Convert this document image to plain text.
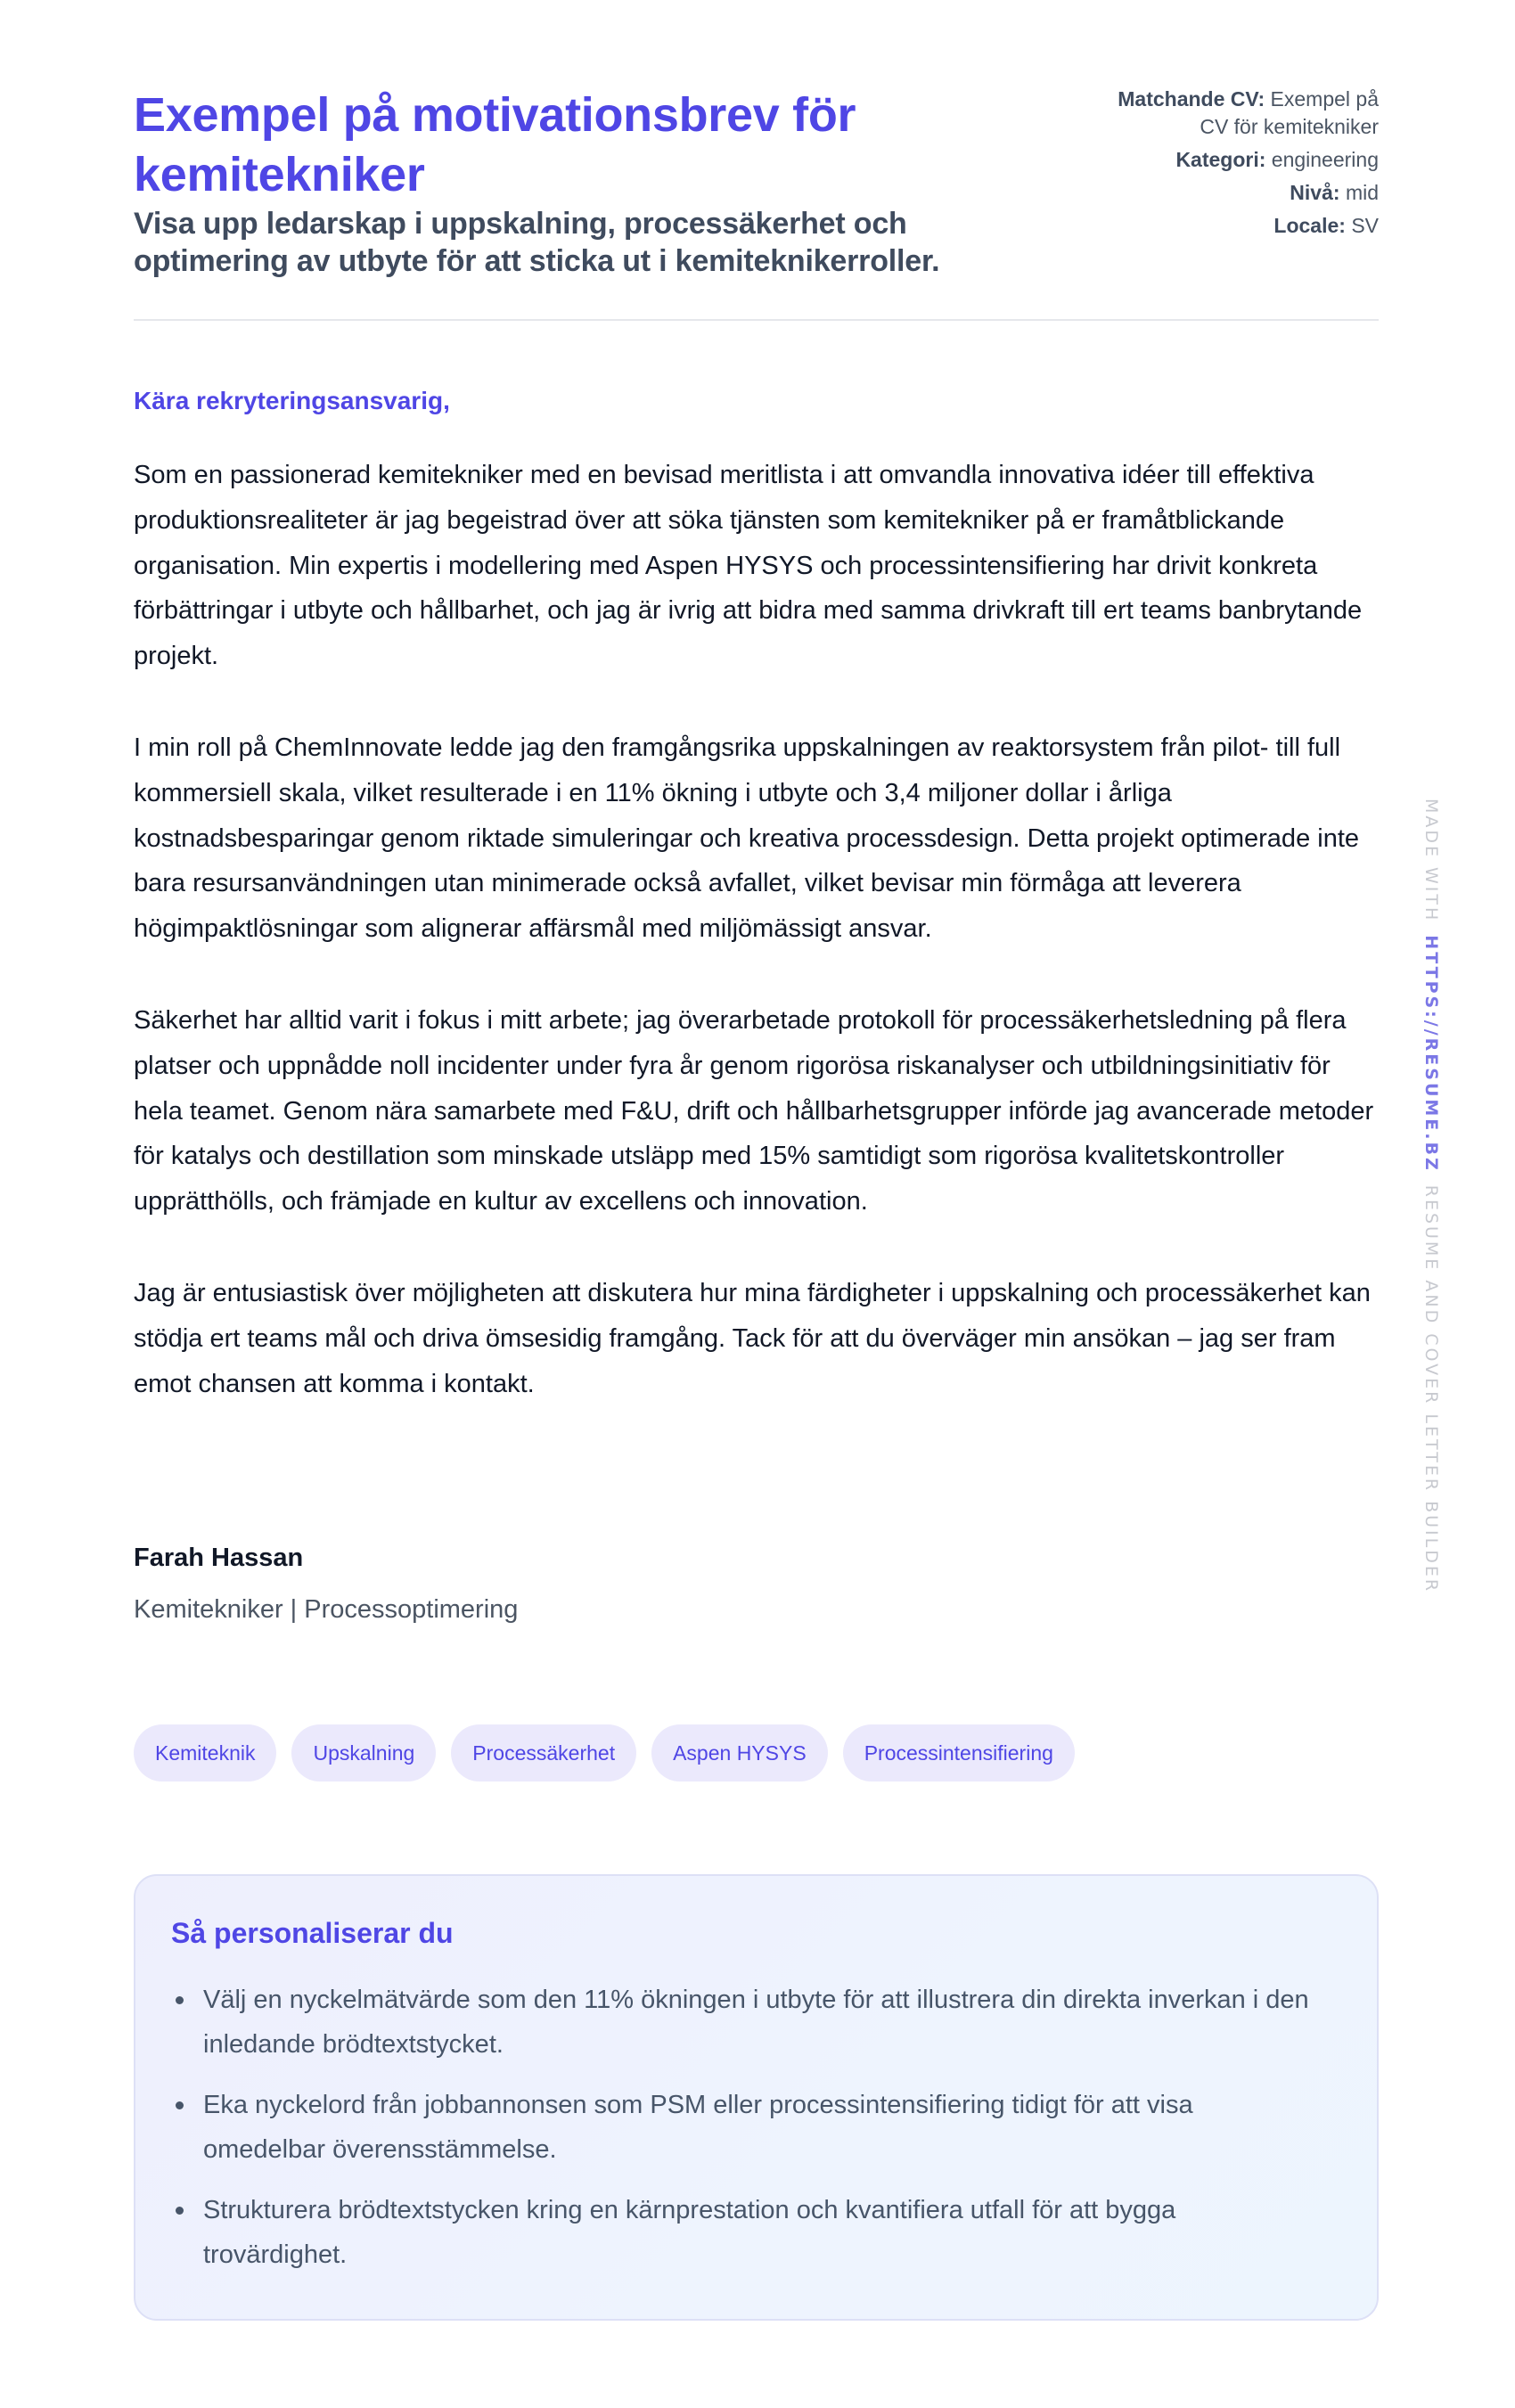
Exempel på motivationsbrev för kemitekniker
Visa upp ledarskap i uppskalning, processäkerhet och optimering av utbyte för att sticka ut i kemiteknikerroller.
Matchande CV: Exempel på CV för kemitekniker
Kategori: engineering
Nivå: mid
Locale: SV
Kära rekryteringsansvarig,

Som en passionerad kemitekniker med en bevisad meritlista i att omvandla innovativa idéer till effektiva produktionsrealiteter är jag begeistrad över att söka tjänsten som kemitekniker på er framåtblickande organisation. Min expertis i modellering med Aspen HYSYS och processintensifiering har drivit konkreta förbättringar i utbyte och hållbarhet, och jag är ivrig att bidra med samma drivkraft till ert teams banbrytande projekt.

I min roll på ChemInnovate ledde jag den framgångsrika uppskalningen av reaktorsystem från pilot- till full kommersiell skala, vilket resulterade i en 11% ökning i utbyte och 3,4 miljoner dollar i årliga kostnadsbesparingar genom riktade simuleringar och kreativa processdesign. Detta projekt optimerade inte bara resursanvändningen utan minimerade också avfallet, vilket bevisar min förmåga att leverera högimpaktlösningar som alignerar affärsmål med miljömässigt ansvar.

Säkerhet har alltid varit i fokus i mitt arbete; jag överarbetade protokoll för processäkerhetsledning på flera platser och uppnådde noll incidenter under fyra år genom rigorösa riskanalyser och utbildningsinitiativ för hela teamet. Genom nära samarbete med F&U, drift och hållbarhetsgrupper införde jag avancerade metoder för katalys och destillation som minskade utsläpp med 15% samtidigt som rigorösa kvalitetskontroller upprätthölls, och främjade en kultur av excellens och innovation.

Jag är entusiastisk över möjligheten att diskutera hur mina färdigheter i uppskalning och processäkerhet kan stödja ert teams mål och driva ömsesidig framgång. Tack för att du överväger min ansökan – jag ser fram emot chansen att komma i kontakt.

Farah Hassan
Kemitekniker | Processoptimering
Kemiteknik	Upskalning	Processäkerhet	Aspen HYSYS	Processintensifiering
Så personaliserar du
Välj en nyckelmätvärde som den 11% ökningen i utbyte för att illustrera din direkta inverkan i den inledande brödtextstycket.
Eka nyckelord från jobbannonsen som PSM eller processintensifiering tidigt för att visa omedelbar överensstämmelse.
Strukturera brödtextstycken kring en kärnprestation och kvantifiera utfall för att bygga trovärdighet.
MADE WITHHTTPS://RESUME.BZRESUME AND COVER LETTER BUILDER
